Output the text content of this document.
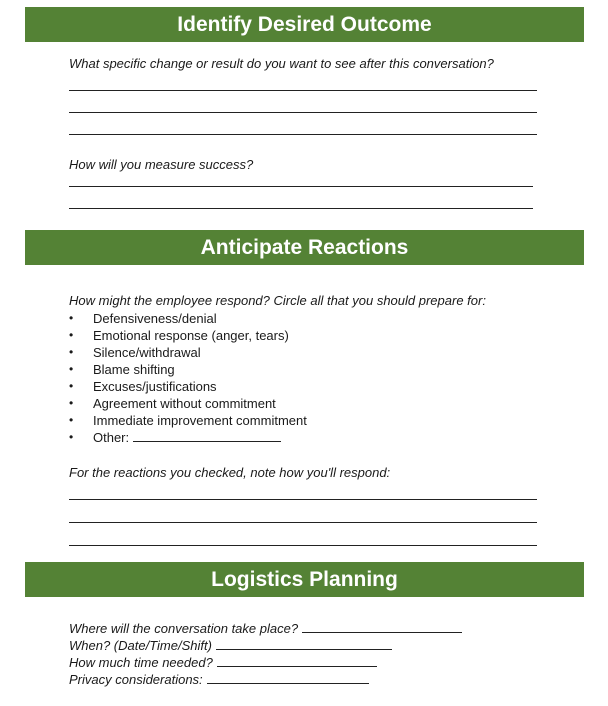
Identify Desired Outcome
What specific change or result do you want to see after this conversation?
How will you measure success?
Anticipate Reactions
How might the employee respond? Circle all that you should prepare for:
• Defensiveness/denial
• Emotional response (anger, tears)
• Silence/withdrawal
• Blame shifting
• Excuses/justifications
• Agreement without commitment
• Immediate improvement commitment
• Other:
For the reactions you checked, note how you'll respond:
Logistics Planning
Where will the conversation take place?
When? (Date/Time/Shift)
How much time needed?
Privacy considerations:
